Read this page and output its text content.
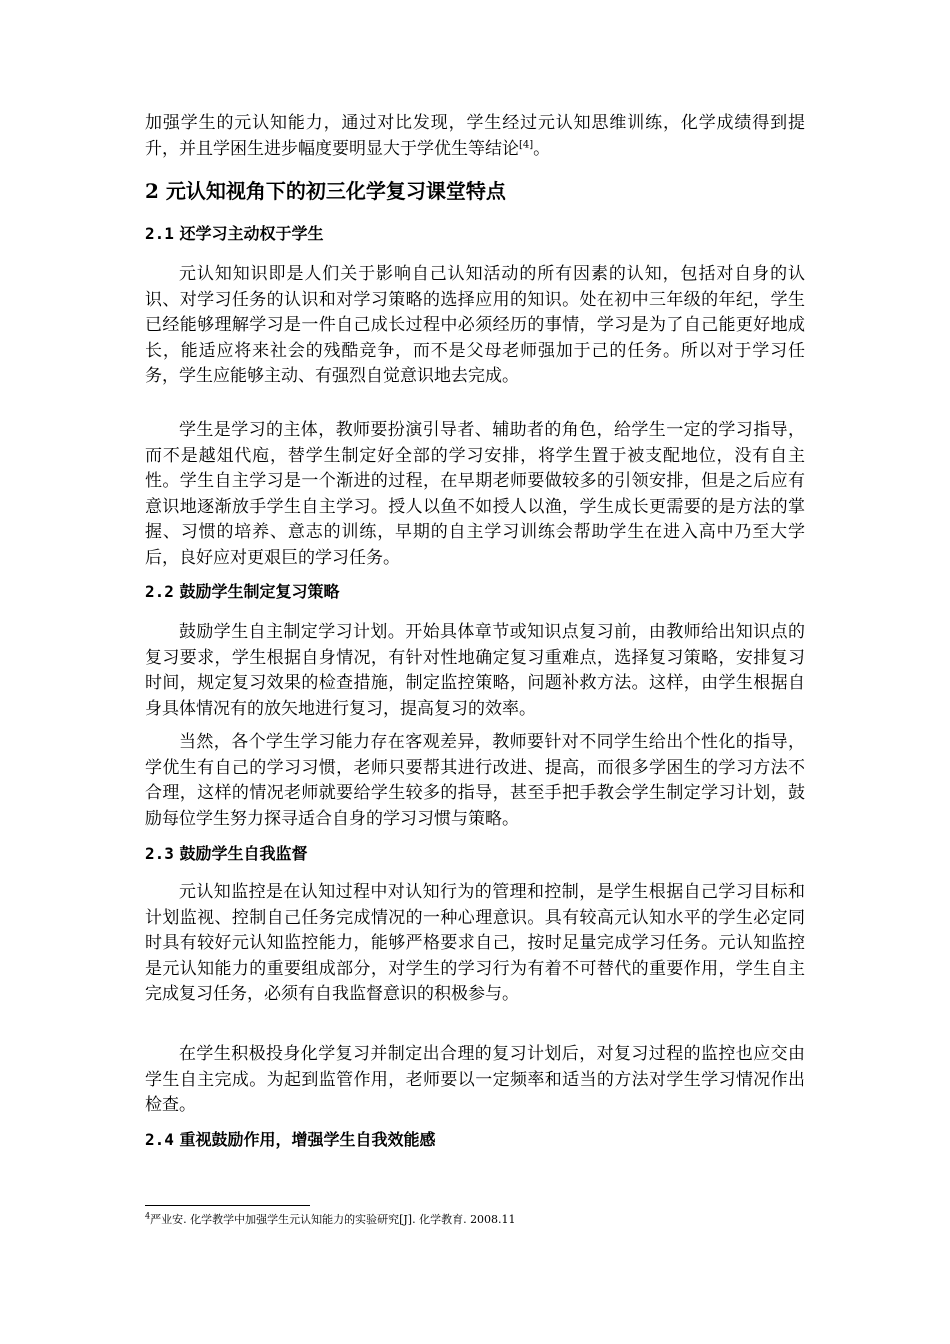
加强学生的元认知能力，通过对比发现，学生经过元认知思维训练，化学成绩得到提升，并且学困生进步幅度要明显大于学优生等结论[4]。

2 元认知视角下的初三化学复习课堂特点
2.1 还学习主动权于学生

元认知知识即是人们关于影响自己认知活动的所有因素的认知，包括对自身的认识、对学习任务的认识和对学习策略的选择应用的知识。处在初中三年级的年纪，学生已经能够理解学习是一件自己成长过程中必须经历的事情，学习是为了自己能更好地成长，能适应将来社会的残酷竞争，而不是父母老师强加于己的任务。所以对于学习任务，学生应能够主动、有强烈自觉意识地去完成。

学生是学习的主体，教师要扮演引导者、辅助者的角色，给学生一定的学习指导，而不是越俎代庖，替学生制定好全部的学习安排，将学生置于被支配地位，没有自主性。学生自主学习是一个渐进的过程，在早期老师要做较多的引领安排，但是之后应有意识地逐渐放手学生自主学习。授人以鱼不如授人以渔，学生成长更需要的是方法的掌握、习惯的培养、意志的训练，早期的自主学习训练会帮助学生在进入高中乃至大学后，良好应对更艰巨的学习任务。

2.2 鼓励学生制定复习策略

鼓励学生自主制定学习计划。开始具体章节或知识点复习前，由教师给出知识点的复习要求，学生根据自身情况，有针对性地确定复习重难点，选择复习策略，安排复习时间，规定复习效果的检查措施，制定监控策略，问题补救方法。这样，由学生根据自身具体情况有的放矢地进行复习，提高复习的效率。

当然，各个学生学习能力存在客观差异，教师要针对不同学生给出个性化的指导，学优生有自己的学习习惯，老师只要帮其进行改进、提高，而很多学困生的学习方法不合理，这样的情况老师就要给学生较多的指导，甚至手把手教会学生制定学习计划，鼓励每位学生努力探寻适合自身的学习习惯与策略。

2.3 鼓励学生自我监督

元认知监控是在认知过程中对认知行为的管理和控制，是学生根据自己学习目标和计划监视、控制自己任务完成情况的一种心理意识。具有较高元认知水平的学生必定同时具有较好元认知监控能力，能够严格要求自己，按时足量完成学习任务。元认知监控是元认知能力的重要组成部分，对学生的学习行为有着不可替代的重要作用，学生自主完成复习任务，必须有自我监督意识的积极参与。

在学生积极投身化学复习并制定出合理的复习计划后，对复习过程的监控也应交由学生自主完成。为起到监管作用，老师要以一定频率和适当的方法对学生学习情况作出检查。

2.4 重视鼓励作用，增强学生自我效能感
$^4$严业安. 化学教学中加强学生元认知能力的实验研究[J]. 化学教育. 2008.11
